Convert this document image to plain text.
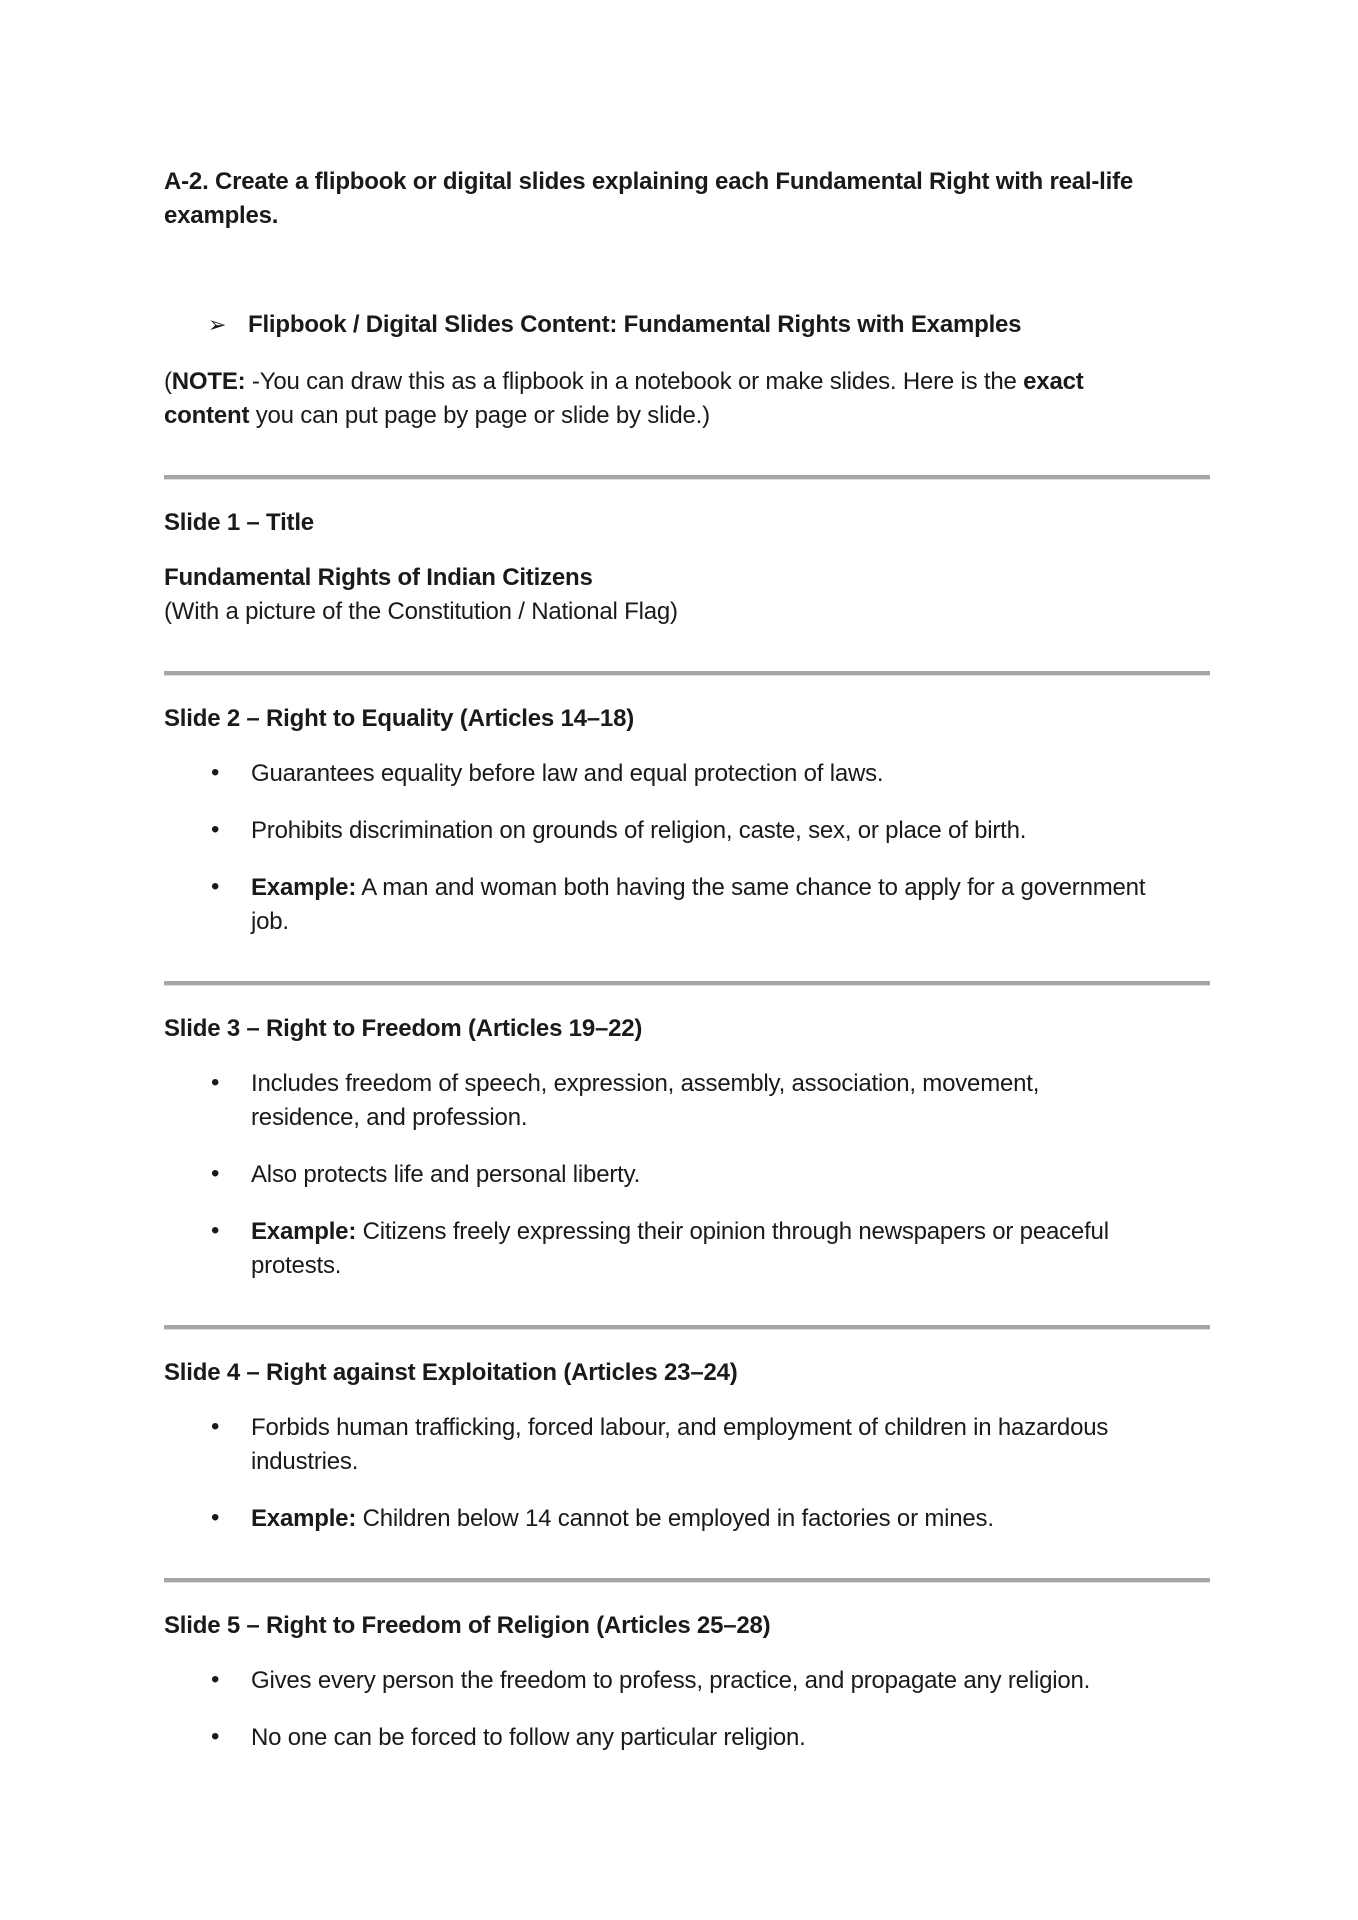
A-2. Create a flipbook or digital slides explaining each Fundamental Right with real-life
examples.
➢ Flipbook / Digital Slides Content: Fundamental Rights with Examples
(NOTE: -You can draw this as a flipbook in a notebook or make slides. Here is the exact
content you can put page by page or slide by slide.)
Slide 1 – Title
Fundamental Rights of Indian Citizens
(With a picture of the Constitution / National Flag)
Slide 2 – Right to Equality (Articles 14–18)
• Guarantees equality before law and equal protection of laws.
• Prohibits discrimination on grounds of religion, caste, sex, or place of birth.
• Example: A man and woman both having the same chance to apply for a government
job.
Slide 3 – Right to Freedom (Articles 19–22)
• Includes freedom of speech, expression, assembly, association, movement,
residence, and profession.
• Also protects life and personal liberty.
• Example: Citizens freely expressing their opinion through newspapers or peaceful
protests.
Slide 4 – Right against Exploitation (Articles 23–24)
• Forbids human trafficking, forced labour, and employment of children in hazardous
industries.
• Example: Children below 14 cannot be employed in factories or mines.
Slide 5 – Right to Freedom of Religion (Articles 25–28)
• Gives every person the freedom to profess, practice, and propagate any religion.
• No one can be forced to follow any particular religion.
